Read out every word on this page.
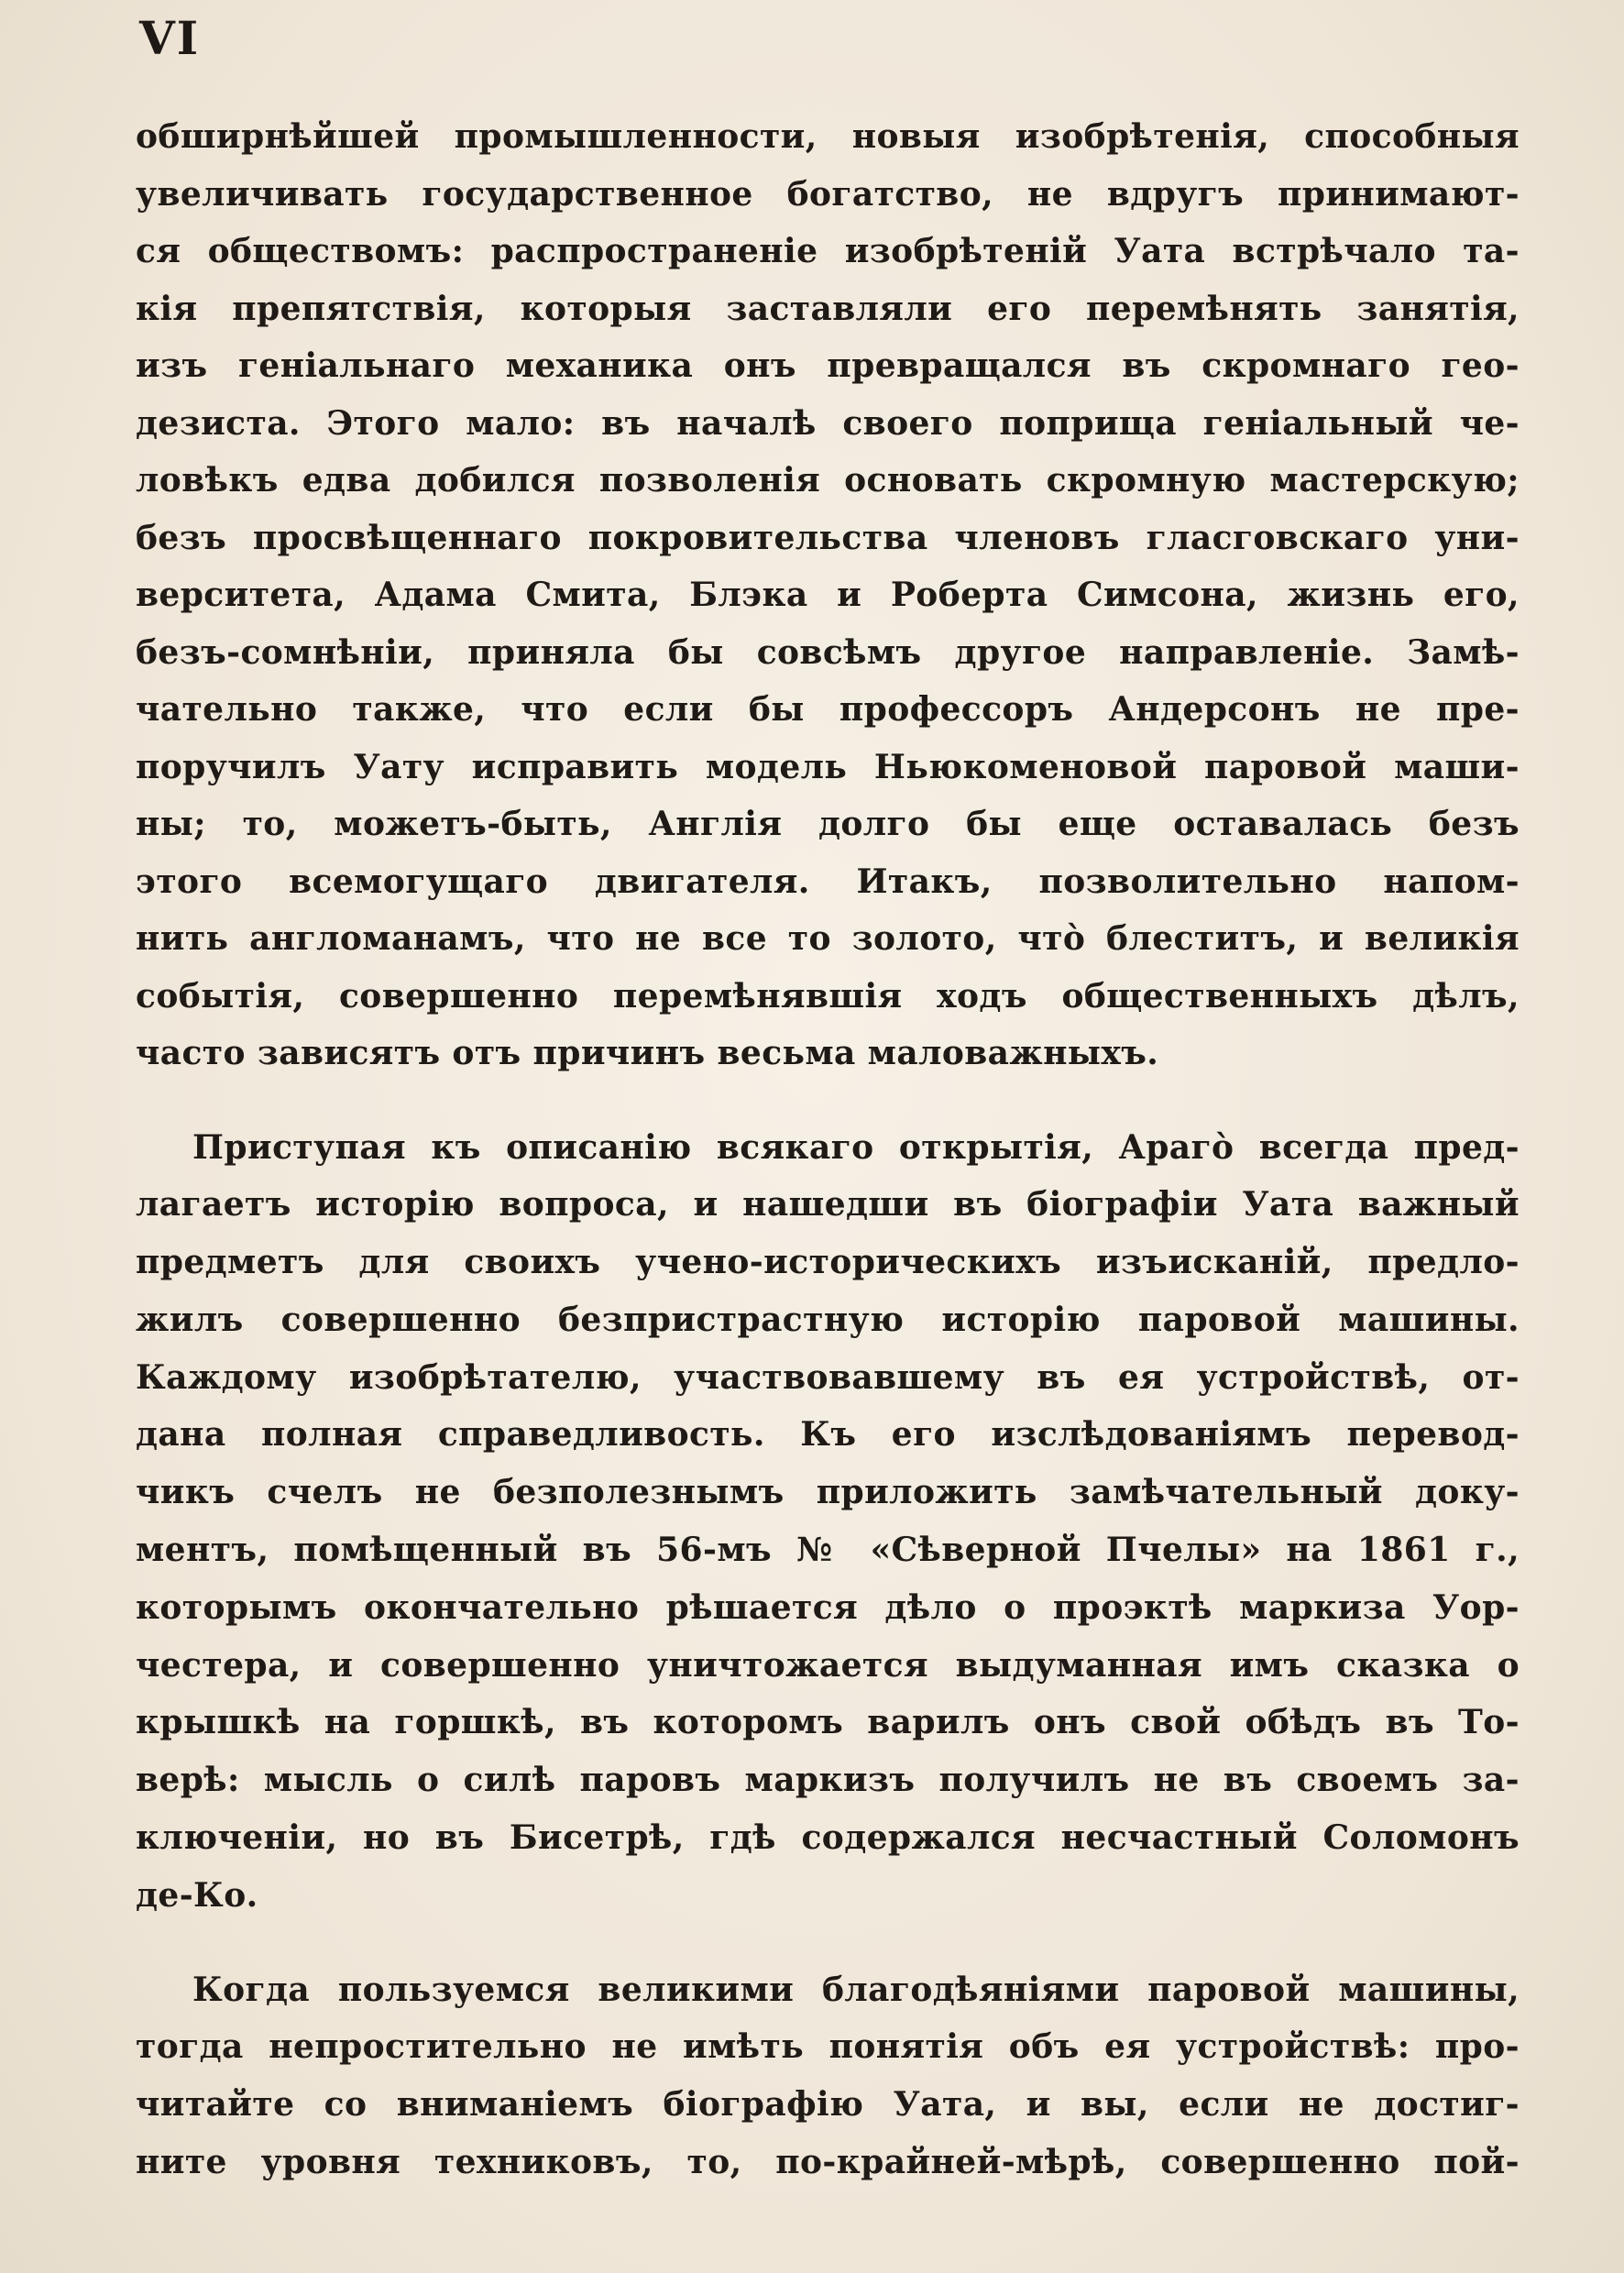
VI
обширнѣйшей промышленности, новыя изобрѣтенія, способныя
увеличивать государственное богатство, не вдругъ принимают-
ся обществомъ: распространеніе изобрѣтеній Уата встрѣчало та-
кія препятствія, которыя заставляли его перемѣнять занятія,
изъ геніальнаго механика онъ превращался въ скромнаго гео-
дезиста. Этого мало: въ началѣ своего поприща геніальный че-
ловѣкъ едва добился позволенія основать скромную мастерскую;
безъ просвѣщеннаго покровительства членовъ глаcговскаго уни-
верситета, Адама Смита, Блэка и Роберта Симсона, жизнь его,
безъ-сомнѣніи, приняла бы совсѣмъ другое направленіе. Замѣ-
чательно также, что если бы профессоръ Андерсонъ не пре-
поручилъ Уату исправить модель Ньюкоменовой паровой маши-
ны; то, можетъ-быть, Англія долго бы еще оставалась безъ
этого всемогущаго двигателя. Итакъ, позволительно напом-
нить англоманамъ, что не все то золото, что̀ блеститъ, и великія
событія, совершенно перемѣнявшія ходъ общественныхъ дѣлъ,
часто зависятъ отъ причинъ весьма маловажныхъ.
Приступая къ описанію всякаго открытія, Араго̀ всегда пред-
лагаетъ исторію вопроса, и нашедши въ біографіи Уата важный
предметъ для своихъ учено-историческихъ изъисканій, предло-
жилъ совершенно безпристрастную исторію паровой машины.
Каждому изобрѣтателю, участвовавшему въ ея устройствѣ, от-
дана полная справедливость. Къ его изслѣдованіямъ перевод-
чикъ счелъ не безполезнымъ приложить замѣчательный доку-
ментъ, помѣщенный въ 56-мъ № «Сѣверной Пчелы» на 1861 г.,
которымъ окончательно рѣшается дѣло о проэктѣ маркиза Уор-
честера, и совершенно уничтожается выдуманная имъ сказка о
крышкѣ на горшкѣ, въ которомъ варилъ онъ свой обѣдъ въ То-
верѣ: мысль о силѣ паровъ маркизъ получилъ не въ своемъ за-
ключеніи, но въ Бисетрѣ, гдѣ содержался несчастный Соломонъ
де-Ко.
Когда пользуемся великими благодѣяніями паровой машины,
тогда непростительно не имѣть понятія объ ея устройствѣ: про-
читайте со вниманіемъ біографію Уата, и вы, если не достиг-
ните уровня техниковъ, то, по-крайней-мѣрѣ, совершенно пой-
